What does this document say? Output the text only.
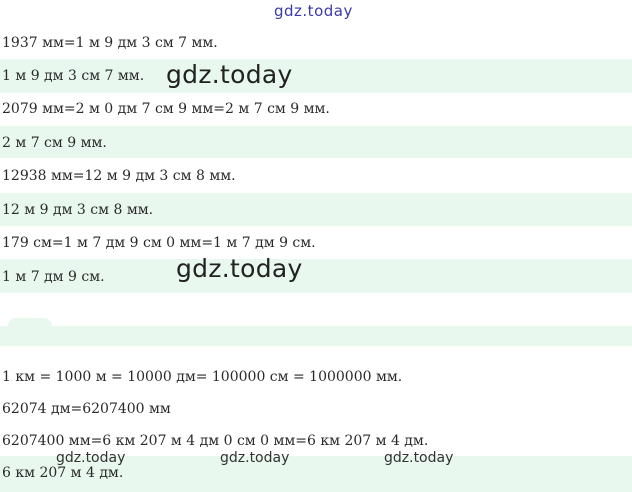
gdz.today
1937 мм=1 м 9 дм 3 см 7 мм.
1 м 9 дм 3 см 7 мм. gdz.today
2079 мм=2 м 0 дм 7 см 9 мм=2 м 7 см 9 мм.
2 м 7 см 9 мм.
12938 мм=12 м 9 дм 3 см 8 мм.
12 м 9 дм 3 см 8 мм.
179 см=1 м 7 дм 9 см 0 мм=1 м 7 дм 9 см.
1 м 7 дм 9 см.	gdz.today
1 км = 1000 м = 10000 дм= 100000 см = 1000000 мм.
62074 дм=6207400 мм
6207400 мм=6 км 207 м 4 дм 0 см 0 мм=6 км 207 м 4 дм.
6 км 207 м 4 дм.
gdz.today	gdz.today	gdz.today
